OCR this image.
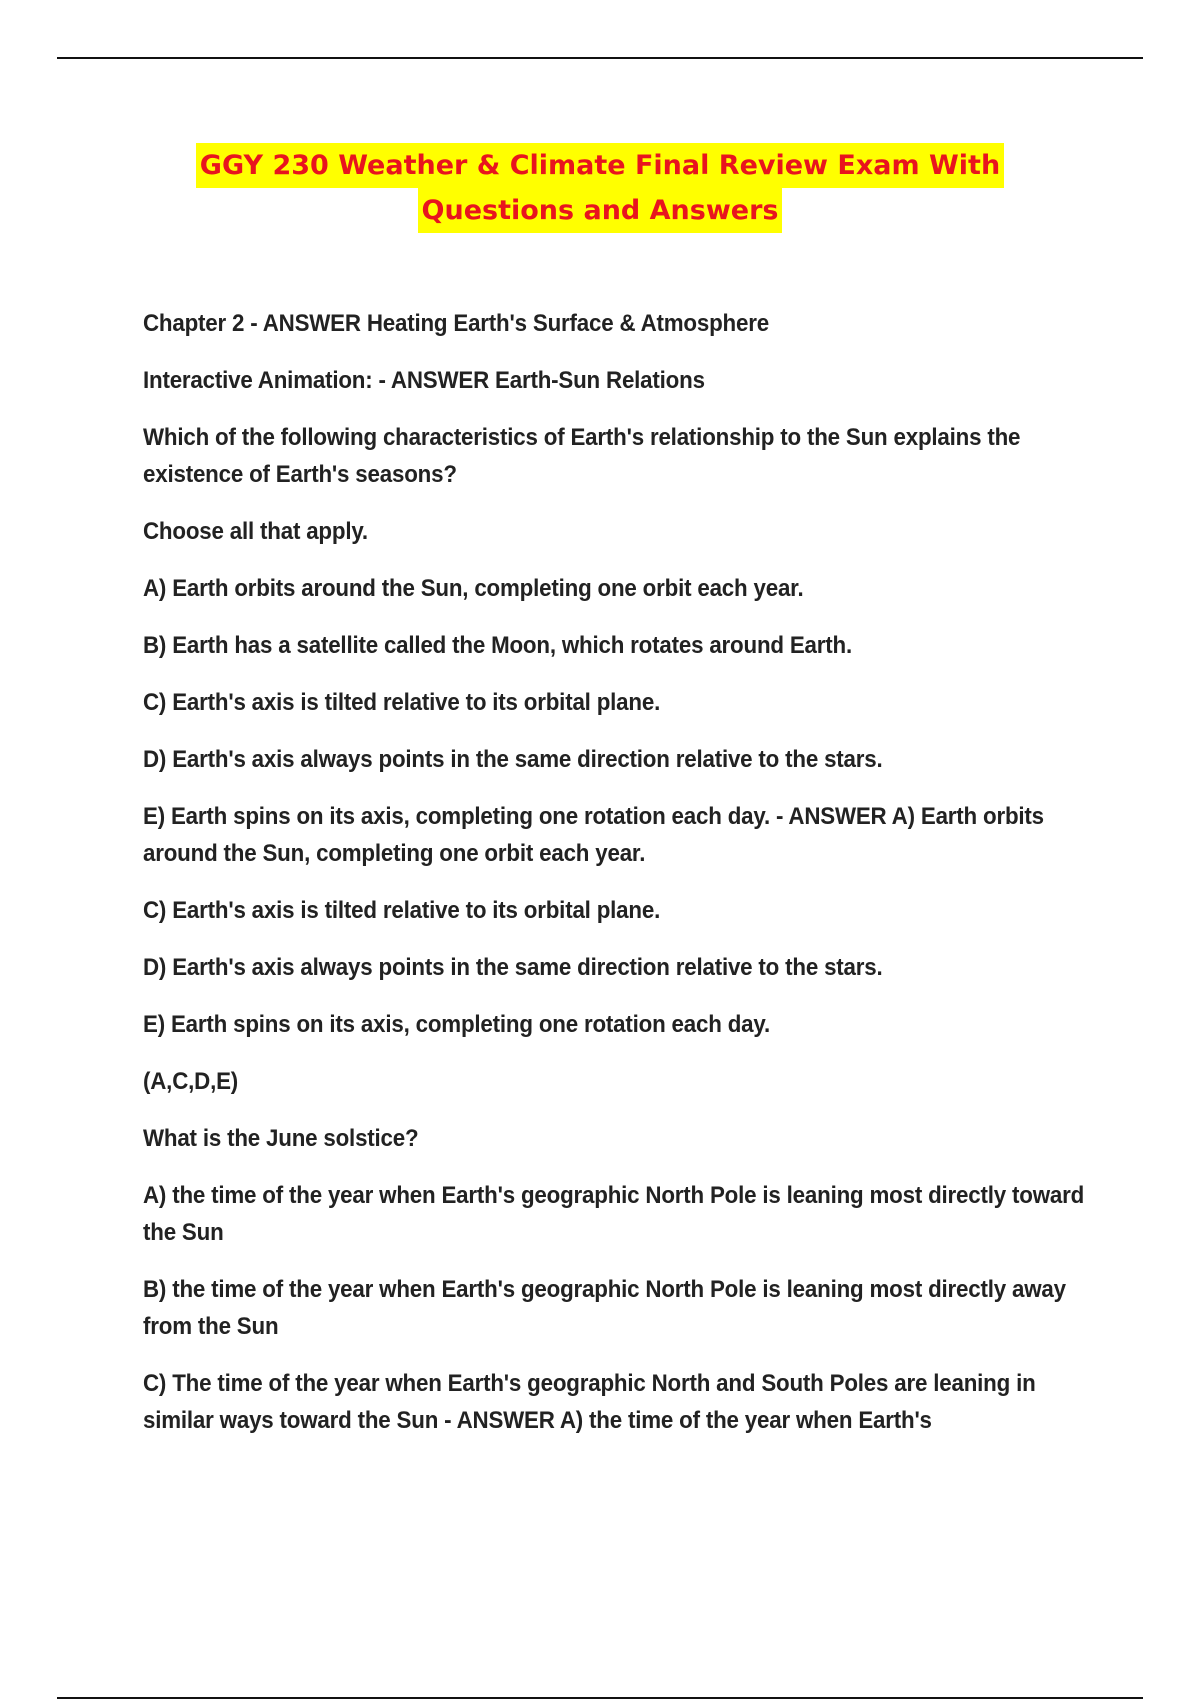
GGY 230 Weather & Climate Final Review Exam With
Questions and Answers

Chapter 2 - ANSWER Heating Earth's Surface & Atmosphere

Interactive Animation: - ANSWER Earth-Sun Relations

Which of the following characteristics of Earth's relationship to the Sun explains the existence of Earth's seasons?

Choose all that apply.

A) Earth orbits around the Sun, completing one orbit each year.

B) Earth has a satellite called the Moon, which rotates around Earth.

C) Earth's axis is tilted relative to its orbital plane.

D) Earth's axis always points in the same direction relative to the stars.

E) Earth spins on its axis, completing one rotation each day. - ANSWER A) Earth orbits around the Sun, completing one orbit each year.

C) Earth's axis is tilted relative to its orbital plane.

D) Earth's axis always points in the same direction relative to the stars.

E) Earth spins on its axis, completing one rotation each day.

(A,C,D,E)

What is the June solstice?

A) the time of the year when Earth's geographic North Pole is leaning most directly toward the Sun

B) the time of the year when Earth's geographic North Pole is leaning most directly away from the Sun

C) The time of the year when Earth's geographic North and South Poles are leaning in similar ways toward the Sun - ANSWER A) the time of the year when Earth's
